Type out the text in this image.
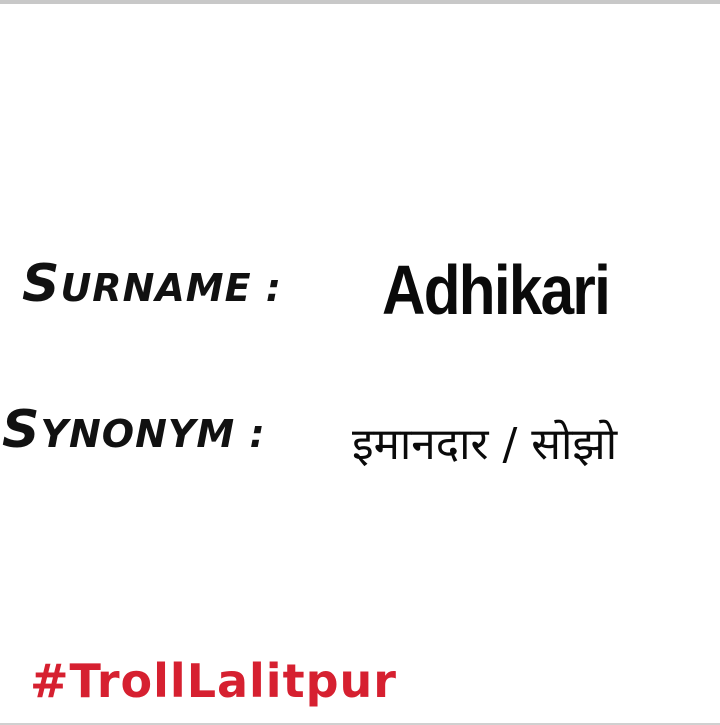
SURNAME : Adhikari
SYNONYM : इमानदार / सोझो
#TrollLalitpur
